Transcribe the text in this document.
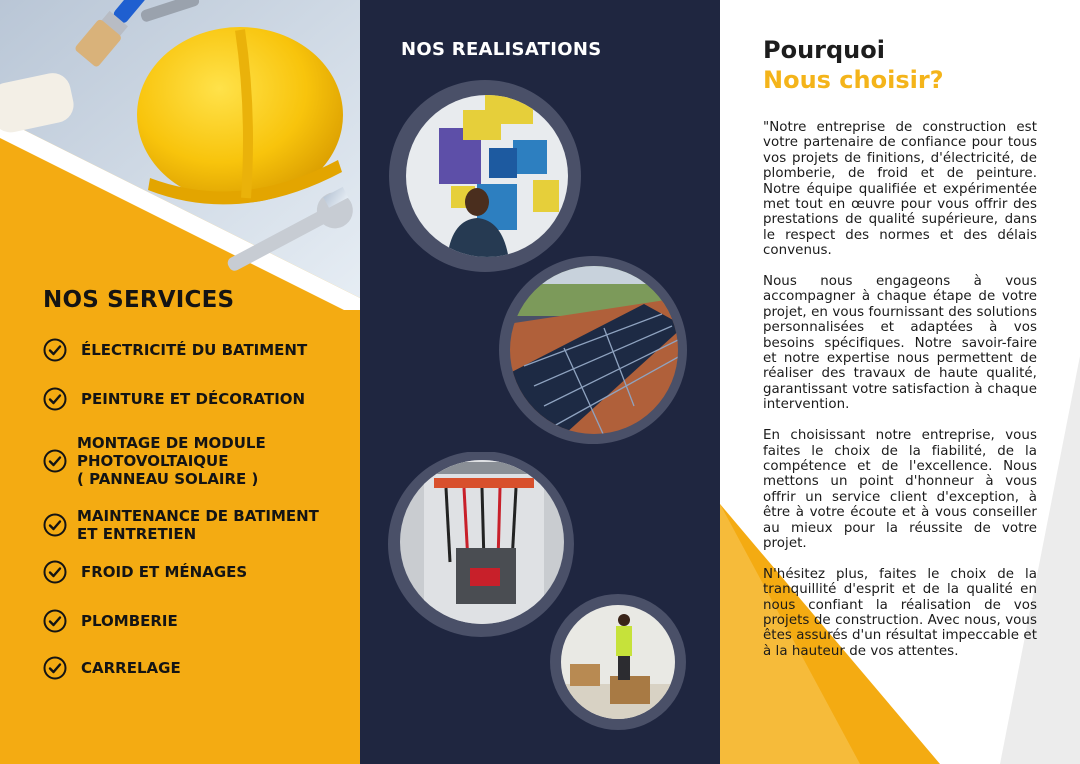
NOS SERVICES
ÉLECTRICITÉ DU BATIMENT
PEINTURE ET DÉCORATION
MONTAGE DE MODULE
PHOTOVOLTAIQUE
( PANNEAU SOLAIRE )
MAINTENANCE DE BATIMENT
ET ENTRETIEN
FROID ET MÉNAGES
PLOMBERIE
CARRELAGE
NOS REALISATIONS	Pourquoi
Nous choisir?

"Notre entreprise de construction est votre partenaire de confiance pour tous vos projets de finitions, d'électricité, de plomberie, de froid et de peinture. Notre équipe qualifiée et expérimentée met tout en œuvre pour vous offrir des prestations de qualité supérieure, dans le respect des normes et des délais convenus.

Nous nous engageons à vous accompagner à chaque étape de votre projet, en vous fournissant des solutions personnalisées et adaptées à vos besoins spécifiques. Notre savoir-faire et notre expertise nous permettent de réaliser des travaux de haute qualité, garantissant votre satisfaction à chaque intervention.

En choisissant notre entreprise, vous faites le choix de la fiabilité, de la compétence et de l'excellence. Nous mettons un point d'honneur à vous offrir un service client d'exception, à être à votre écoute et à vous conseiller au mieux pour la réussite de votre projet.

N'hésitez plus, faites le choix de la tranquillité d'esprit et de la qualité en nous confiant la réalisation de vos projets de construction. Avec nous, vous êtes assurés d'un résultat impeccable et à la hauteur de vos attentes.
